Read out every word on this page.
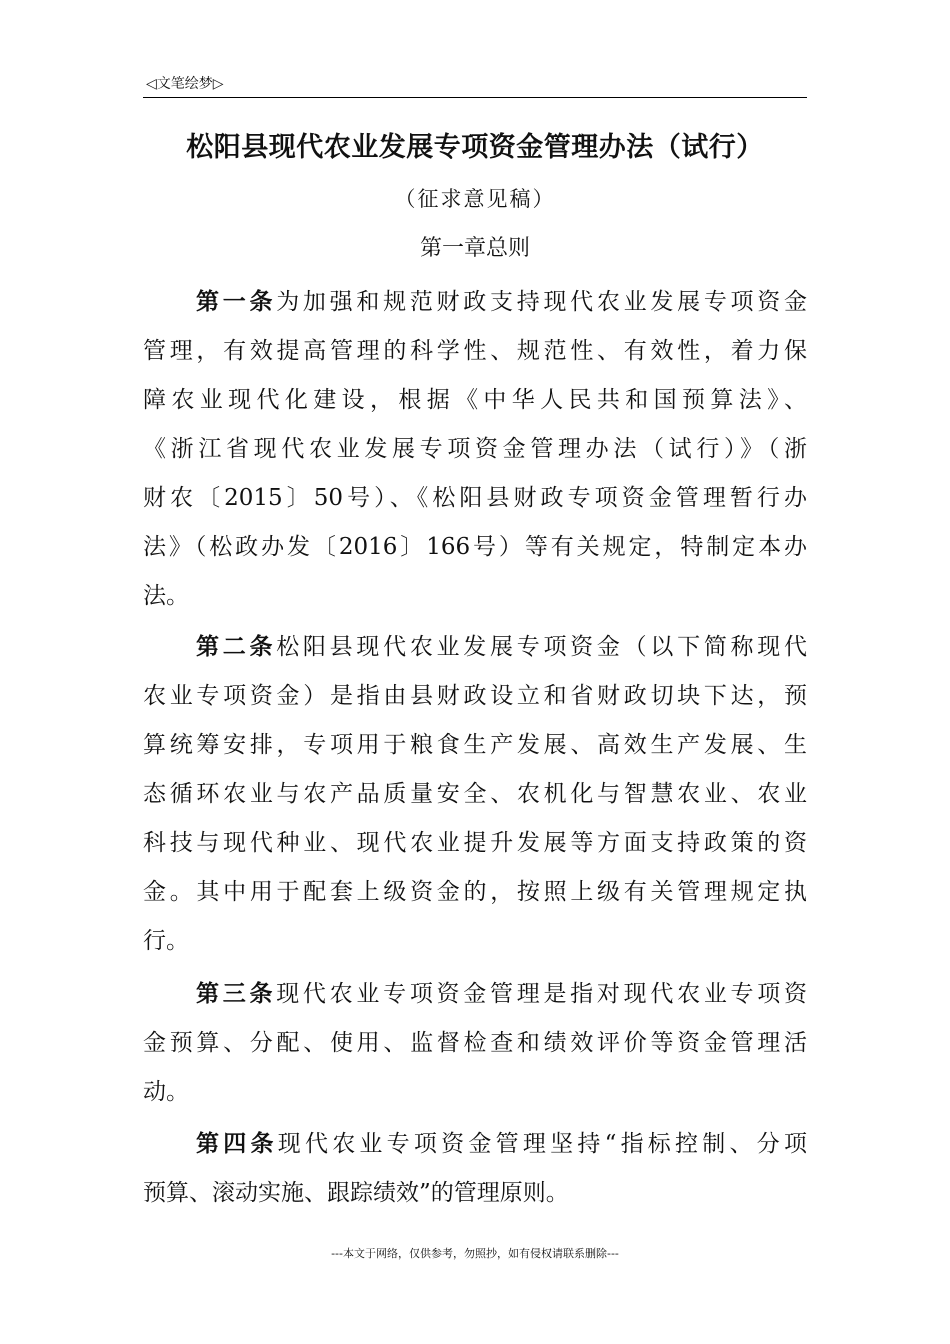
◁文笔绘梦▷
松阳县现代农业发展专项资金管理办法（试行）
（征求意见稿）
第一章总则
第一条为加强和规范财政支持现代农业发展专项资金
管理，有效提高管理的科学性、规范性、有效性，着力保
障农业现代化建设，根据《中华人民共和国预算法》、
《浙江省现代农业发展专项资金管理办法（试行）》（浙
财农〔2015〕50号）、《松阳县财政专项资金管理暂行办
法》（松政办发〔2016〕166号）等有关规定，特制定本办
法。
第二条松阳县现代农业发展专项资金（以下简称现代
农业专项资金）是指由县财政设立和省财政切块下达，预
算统筹安排，专项用于粮食生产发展、高效生产发展、生
态循环农业与农产品质量安全、农机化与智慧农业、农业
科技与现代种业、现代农业提升发展等方面支持政策的资
金。其中用于配套上级资金的，按照上级有关管理规定执
行。
第三条现代农业专项资金管理是指对现代农业专项资
金预算、分配、使用、监督检查和绩效评价等资金管理活
动。
第四条现代农业专项资金管理坚持“指标控制、分项
预算、滚动实施、跟踪绩效”的管理原则。
---本文于网络，仅供参考，勿照抄，如有侵权请联系删除---
